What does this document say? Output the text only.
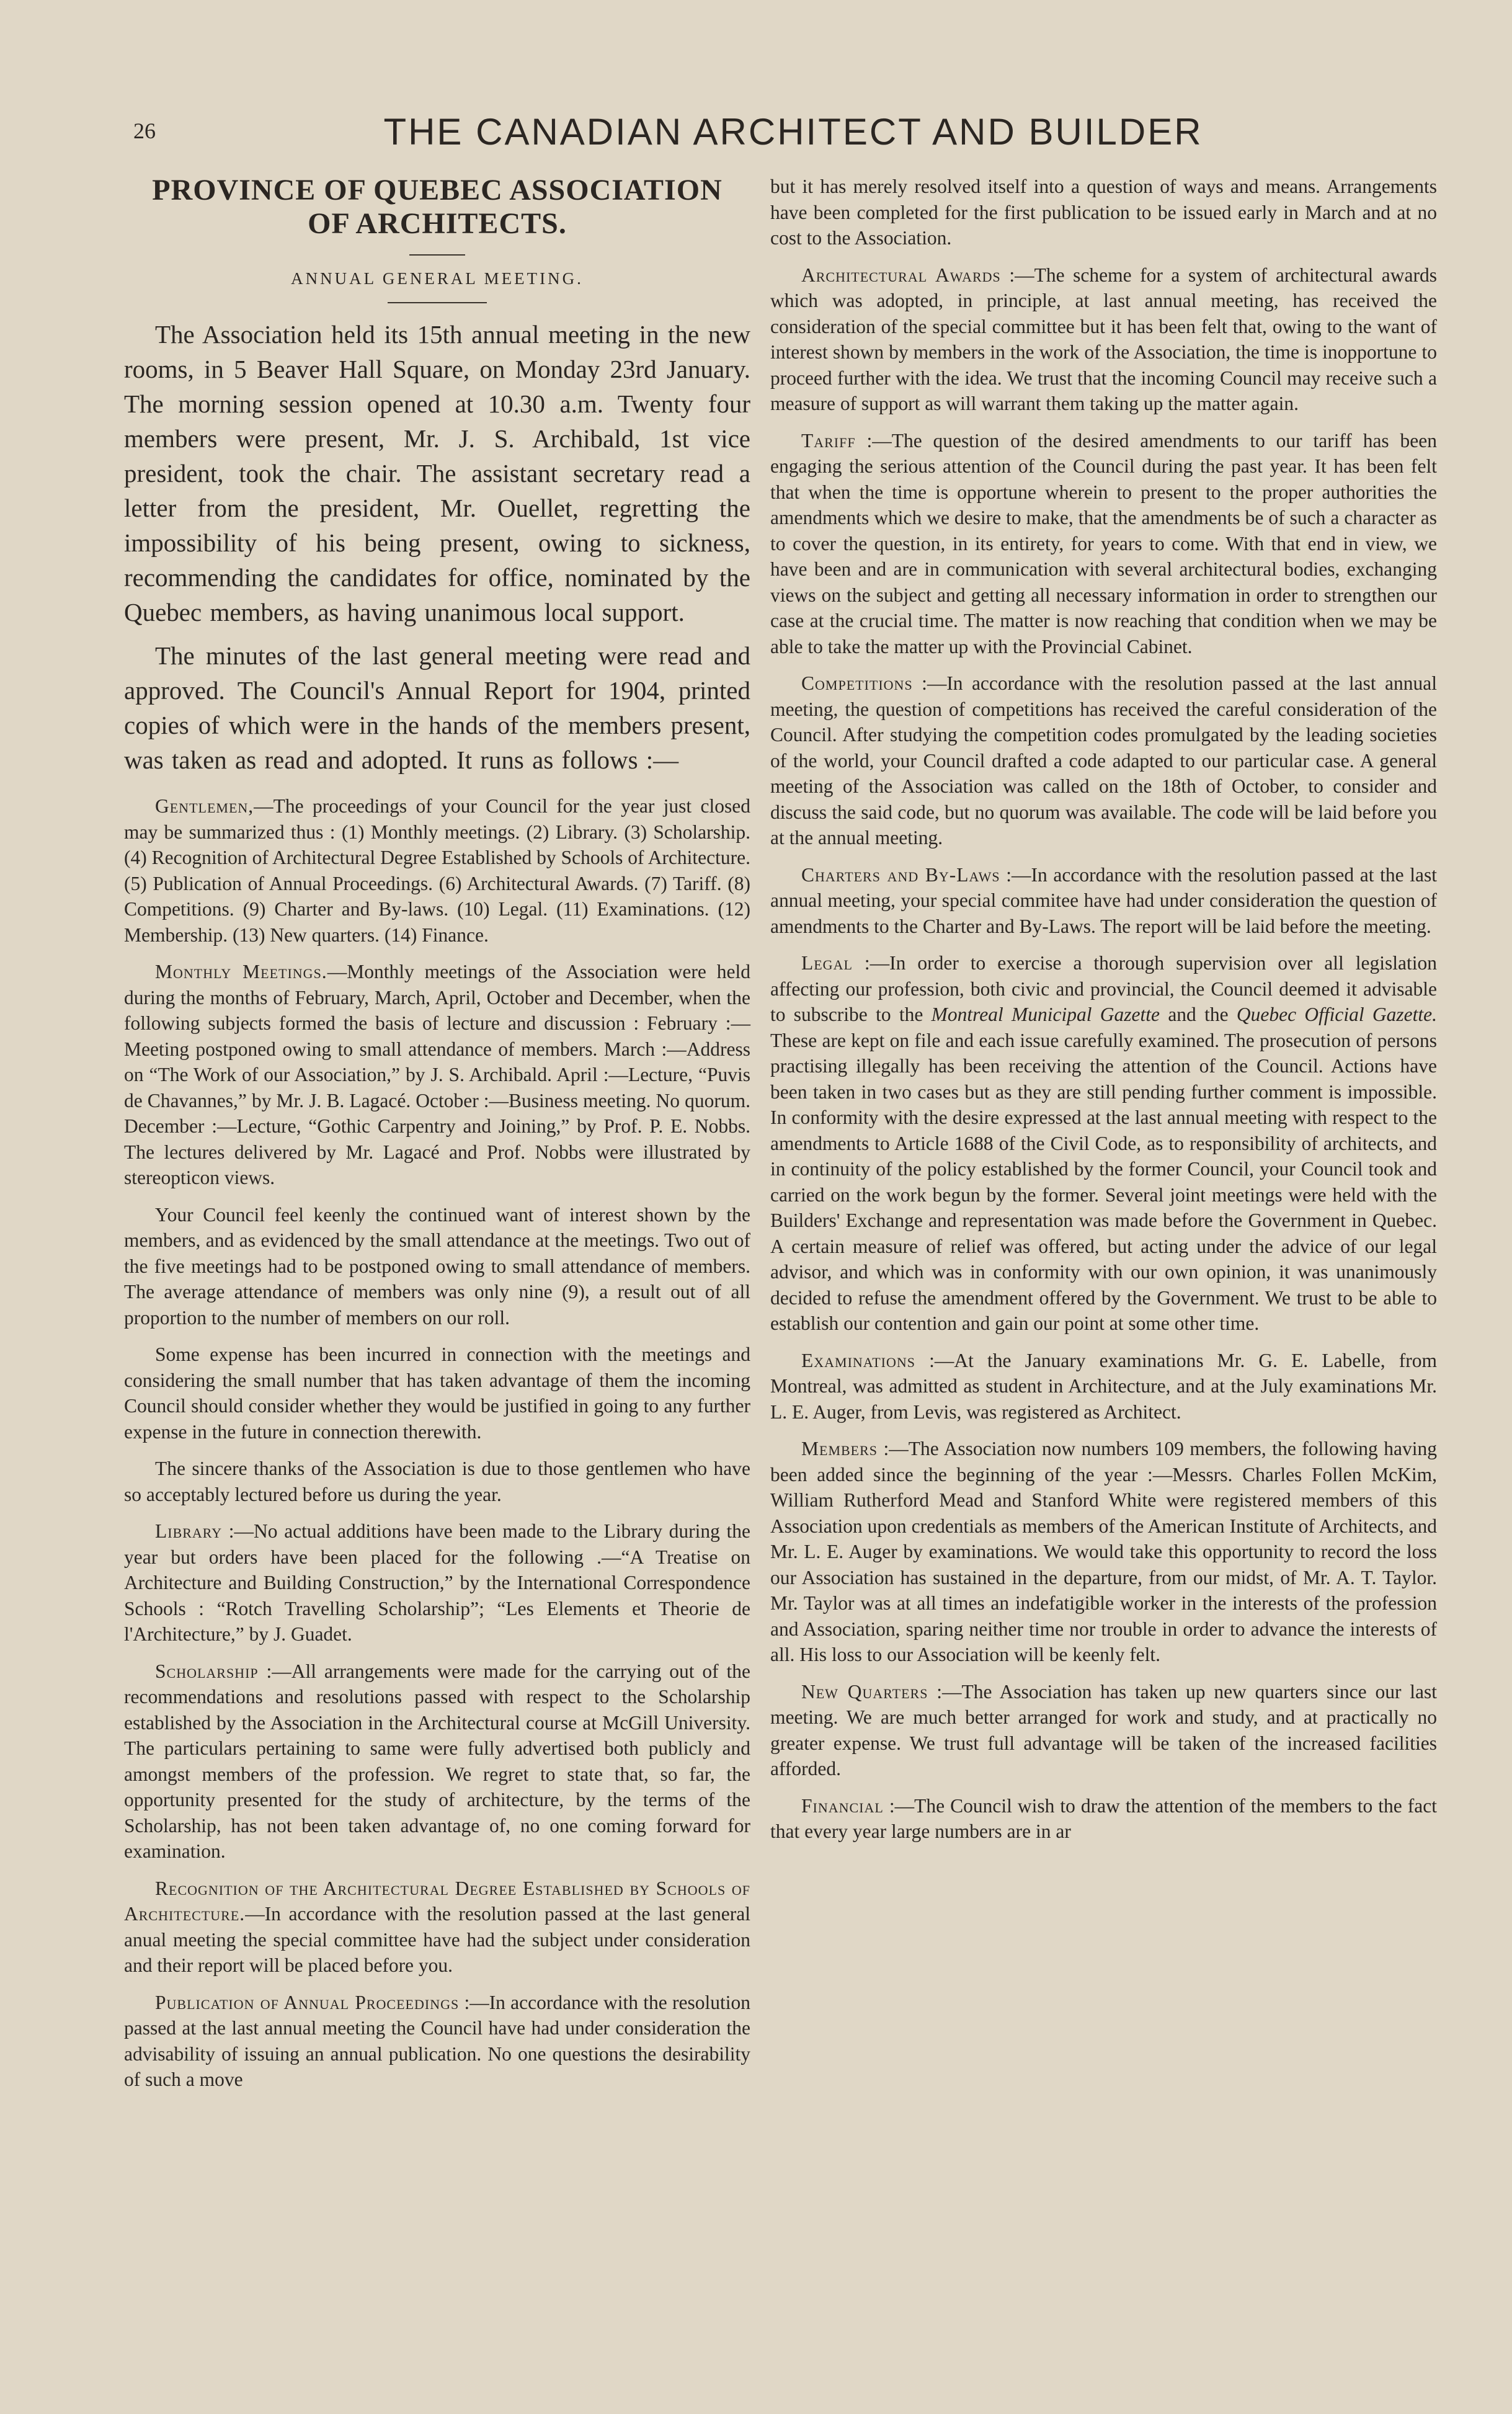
26	THE CANADIAN ARCHITECT AND BUILDER
PROVINCE OF QUEBEC ASSOCIATION
OF ARCHITECTS.

ANNUAL GENERAL MEETING.

The Association held its 15th annual meeting in the new rooms, in 5 Beaver Hall Square, on Monday 23rd January. The morning session opened at 10.30 a.m. Twenty four members were present, Mr. J. S. Archibald, 1st vice president, took the chair. The assistant secretary read a letter from the president, Mr. Ouellet, regretting the impossibility of his being present, owing to sickness, recommending the candidates for office, nominated by the Quebec members, as having unanimous local support.

The minutes of the last general meeting were read and approved. The Council's Annual Report for 1904, printed copies of which were in the hands of the members present, was taken as read and adopted. It runs as follows :—

Gentlemen,—The proceedings of your Council for the year just closed may be summarized thus : (1) Monthly meetings. (2) Library. (3) Scholarship. (4) Recognition of Architectural Degree Established by Schools of Architecture. (5) Publication of Annual Proceedings. (6) Architectural Awards. (7) Tariff. (8) Competitions. (9) Charter and By-laws. (10) Legal. (11) Examinations. (12) Membership. (13) New quarters. (14) Finance.

Monthly Meetings.—Monthly meetings of the Association were held during the months of February, March, April, October and December, when the following subjects formed the basis of lecture and discussion : February :—Meeting postponed owing to small attendance of members. March :—Address on “The Work of our Association,” by J. S. Archibald. April :—Lecture, “Puvis de Chavannes,” by Mr. J. B. Lagacé. October :—Business meeting. No quorum. December :—Lecture, “Gothic Carpentry and Joining,” by Prof. P. E. Nobbs. The lectures delivered by Mr. Lagacé and Prof. Nobbs were illustrated by stereopticon views.

Your Council feel keenly the continued want of interest shown by the members, and as evidenced by the small attendance at the meetings. Two out of the five meetings had to be postponed owing to small attendance of members. The average attendance of members was only nine (9), a result out of all proportion to the number of members on our roll.

Some expense has been incurred in connection with the meetings and considering the small number that has taken advantage of them the incoming Council should consider whether they would be justified in going to any further expense in the future in connection therewith.

The sincere thanks of the Association is due to those gentlemen who have so acceptably lectured before us during the year.

Library :—No actual additions have been made to the Library during the year but orders have been placed for the following .—“A Treatise on Architecture and Building Construction,” by the International Correspondence Schools : “Rotch Travelling Scholarship”; “Les Elements et Theorie de l'Architecture,” by J. Guadet.

Scholarship :—All arrangements were made for the carrying out of the recommendations and resolutions passed with respect to the Scholarship established by the Association in the Architectural course at McGill University. The particulars pertaining to same were fully advertised both publicly and amongst members of the profession. We regret to state that, so far, the opportunity presented for the study of architecture, by the terms of the Scholarship, has not been taken advantage of, no one coming forward for examination.

Recognition of the Architectural Degree Established by Schools of Architecture.—In accordance with the resolution passed at the last general anual meeting the special committee have had the subject under consideration and their report will be placed before you.

Publication of Annual Proceedings :—In accordance with the resolution passed at the last annual meeting the Council have had under consideration the advisability of issuing an annual publication. No one questions the desirability of such a move

but it has merely resolved itself into a question of ways and means. Arrangements have been completed for the first publication to be issued early in March and at no cost to the Association.

Architectural Awards :—The scheme for a system of architectural awards which was adopted, in principle, at last annual meeting, has received the consideration of the special committee but it has been felt that, owing to the want of interest shown by members in the work of the Association, the time is inopportune to proceed further with the idea. We trust that the incoming Council may receive such a measure of support as will warrant them taking up the matter again.

Tariff :—The question of the desired amendments to our tariff has been engaging the serious attention of the Council during the past year. It has been felt that when the time is opportune wherein to present to the proper authorities the amendments which we desire to make, that the amendments be of such a character as to cover the question, in its entirety, for years to come. With that end in view, we have been and are in communication with several architectural bodies, exchanging views on the subject and getting all necessary information in order to strengthen our case at the crucial time. The matter is now reaching that condition when we may be able to take the matter up with the Provincial Cabinet.

Competitions :—In accordance with the resolution passed at the last annual meeting, the question of competitions has received the careful consideration of the Council. After studying the competition codes promulgated by the leading societies of the world, your Council drafted a code adapted to our particular case. A general meeting of the Association was called on the 18th of October, to consider and discuss the said code, but no quorum was available. The code will be laid before you at the annual meeting.

Charters and By-Laws :—In accordance with the resolution passed at the last annual meeting, your special commitee have had under consideration the question of amendments to the Charter and By-Laws. The report will be laid before the meeting.

Legal :—In order to exercise a thorough supervision over all legislation affecting our profession, both civic and provincial, the Council deemed it advisable to subscribe to the Montreal Municipal Gazette and the Quebec Official Gazette. These are kept on file and each issue carefully examined. The prosecution of persons practising illegally has been receiving the attention of the Council. Actions have been taken in two cases but as they are still pending further comment is impossible. In conformity with the desire expressed at the last annual meeting with respect to the amendments to Article 1688 of the Civil Code, as to responsibility of architects, and in continuity of the policy established by the former Council, your Council took and carried on the work begun by the former. Several joint meetings were held with the Builders' Exchange and representation was made before the Government in Quebec. A certain measure of relief was offered, but acting under the advice of our legal advisor, and which was in conformity with our own opinion, it was unanimously decided to refuse the amendment offered by the Government. We trust to be able to establish our contention and gain our point at some other time.

Examinations :—At the January examinations Mr. G. E. Labelle, from Montreal, was admitted as student in Architecture, and at the July examinations Mr. L. E. Auger, from Levis, was registered as Architect.

Members :—The Association now numbers 109 members, the following having been added since the beginning of the year :—Messrs. Charles Follen McKim, William Rutherford Mead and Stanford White were registered members of this Association upon credentials as members of the American Institute of Architects, and Mr. L. E. Auger by examinations. We would take this opportunity to record the loss our Association has sustained in the departure, from our midst, of Mr. A. T. Taylor. Mr. Taylor was at all times an indefatigible worker in the interests of the profession and Association, sparing neither time nor trouble in order to advance the interests of all. His loss to our Association will be keenly felt.

New Quarters :—The Association has taken up new quarters since our last meeting. We are much better arranged for work and study, and at practically no greater expense. We trust full advantage will be taken of the increased facilities afforded.

Financial :—The Council wish to draw the attention of the members to the fact that every year large numbers are in ar
